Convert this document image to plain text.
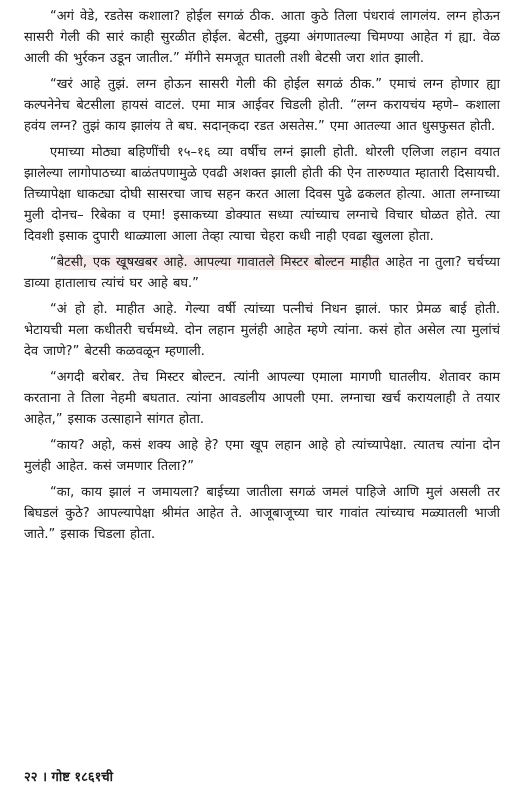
“अगं वेडे, रडतेस कशाला? होईल सगळं ठीक. आता कुठे तिला पंधरावं लागलंय. लग्न होऊन सासरी गेली की सारं काही सुरळीत होईल. बेटसी, तुझ्या अंगणातल्या चिमण्या आहेत गं ह्या. वेळ आली की भुर्रकन उडून जातील.” मॅगीने समजूत घातली तशी बेटसी जरा शांत झाली.

“खरं आहे तुझं. लग्न होऊन सासरी गेली की होईल सगळं ठीक.” एमाचं लग्न होणार ह्या कल्पनेनेच बेटसीला हायसं वाटलं. एमा मात्र आईवर चिडली होती. “लग्न करायचंय म्हणे– कशाला हवंय लग्न? तुझं काय झालंय ते बघ. सदान्‌कदा रडत असतेस.” एमा आतल्या आत धुसफुसत होती.

एमाच्या मोठ्या बहिणींची १५–१६ व्या वर्षीच लग्नं झाली होती. थोरली एलिजा लहान वयात झालेल्या लागोपाठच्या बाळंतपणामुळे एवढी अशक्त झाली होती की ऐन तारुण्यात म्हातारी दिसायची. तिच्यापेक्षा धाकट्या दोघी सासरचा जाच सहन करत आला दिवस पुढे ढकलत होत्या. आता लग्नाच्या मुली दोनच– रिबेका व एमा! इसाकच्या डोक्यात सध्या त्यांच्याच लग्नाचे विचार घोळत होते. त्या दिवशी इसाक दुपारी थाळ्याला आला तेव्हा त्याचा चेहरा कधी नाही एवढा खुलला होता.

“बेटसी, एक खूषखबर आहे. आपल्या गावातले मिस्टर बोल्टन माहीत आहेत ना तुला? चर्चच्या डाव्या हातालाच त्यांचं घर आहे बघ.”

“अं हो हो. माहीत आहे. गेल्या वर्षी त्यांच्या पत्नीचं निधन झालं. फार प्रेमळ बाई होती. भेटायची मला कधीतरी चर्चमध्ये. दोन लहान मुलंही आहेत म्हणे त्यांना. कसं होत असेल त्या मुलांचं देव जाणे?” बेटसी कळवळून म्हणाली.

“अगदी बरोबर. तेच मिस्टर बोल्टन. त्यांनी आपल्या एमाला मागणी घातलीय. शेतावर काम करताना ते तिला नेहमी बघतात. त्यांना आवडलीय आपली एमा. लग्नाचा खर्च करायलाही ते तयार आहेत,” इसाक उत्साहाने सांगत होता.

“काय? अहो, कसं शक्य आहे हे? एमा खूप लहान आहे हो त्यांच्यापेक्षा. त्यातच त्यांना दोन मुलंही आहेत. कसं जमणार तिला?”

“का, काय झालं न जमायला? बाईच्या जातीला सगळं जमलं पाहिजे आणि मुलं असली तर बिघडलं कुठे? आपल्यापेक्षा श्रीमंत आहेत ते. आजूबाजूच्या चार गावांत त्यांच्याच मळ्यातली भाजी जाते.” इसाक चिडला होता.

२२ । गोष्ट १८६१ची
